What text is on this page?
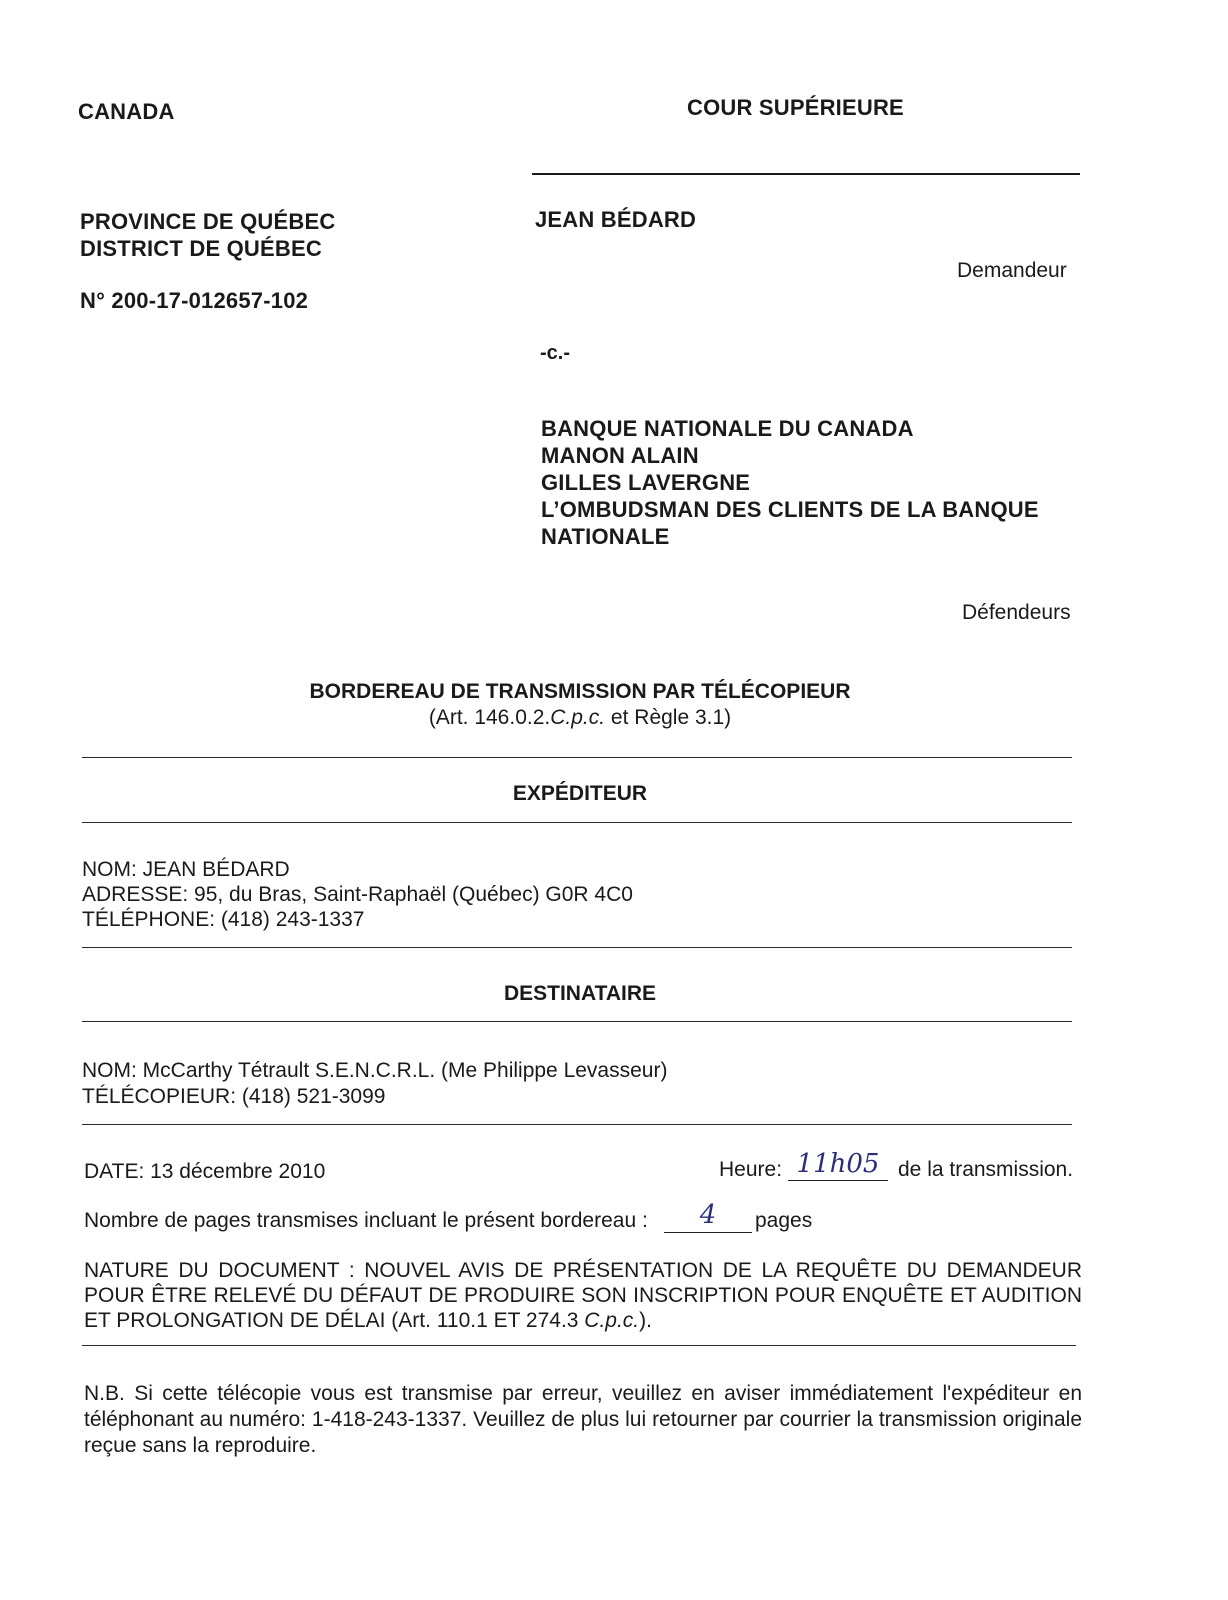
CANADA	COUR SUPÉRIEURE
PROVINCE DE QUÉBEC
DISTRICT DE QUÉBEC
N° 200-17-012657-102
JEAN BÉDARD
Demandeur
-c.-
BANQUE NATIONALE DU CANADA
MANON ALAIN
GILLES LAVERGNE
L’OMBUDSMAN DES CLIENTS DE LA BANQUE
NATIONALE
Défendeurs
BORDEREAU DE TRANSMISSION PAR TÉLÉCOPIEUR
(Art. 146.0.2.C.p.c. et Règle 3.1)
EXPÉDITEUR
NOM: JEAN BÉDARD
ADRESSE: 95, du Bras, Saint-Raphaël (Québec) G0R 4C0
TÉLÉPHONE: (418) 243-1337
DESTINATAIRE
NOM: McCarthy Tétrault S.E.N.C.R.L. (Me Philippe Levasseur)
TÉLÉCOPIEUR: (418) 521-3099
DATE: 13 décembre 2010	Heure: 11h05 de la transmission.
Nombre de pages transmises incluant le présent bordereau :	4	pages
NATURE DU DOCUMENT : NOUVEL AVIS DE PRÉSENTATION DE LA REQUÊTE DU DEMANDEUR POUR ÊTRE RELEVÉ DU DÉFAUT DE PRODUIRE SON INSCRIPTION POUR ENQUÊTE ET AUDITION ET PROLONGATION DE DÉLAI (Art. 110.1 ET 274.3 C.p.c.).
N.B. Si cette télécopie vous est transmise par erreur, veuillez en aviser immédiatement l'expéditeur en téléphonant au numéro: 1-418-243-1337. Veuillez de plus lui retourner par courrier la transmission originale reçue sans la reproduire.
